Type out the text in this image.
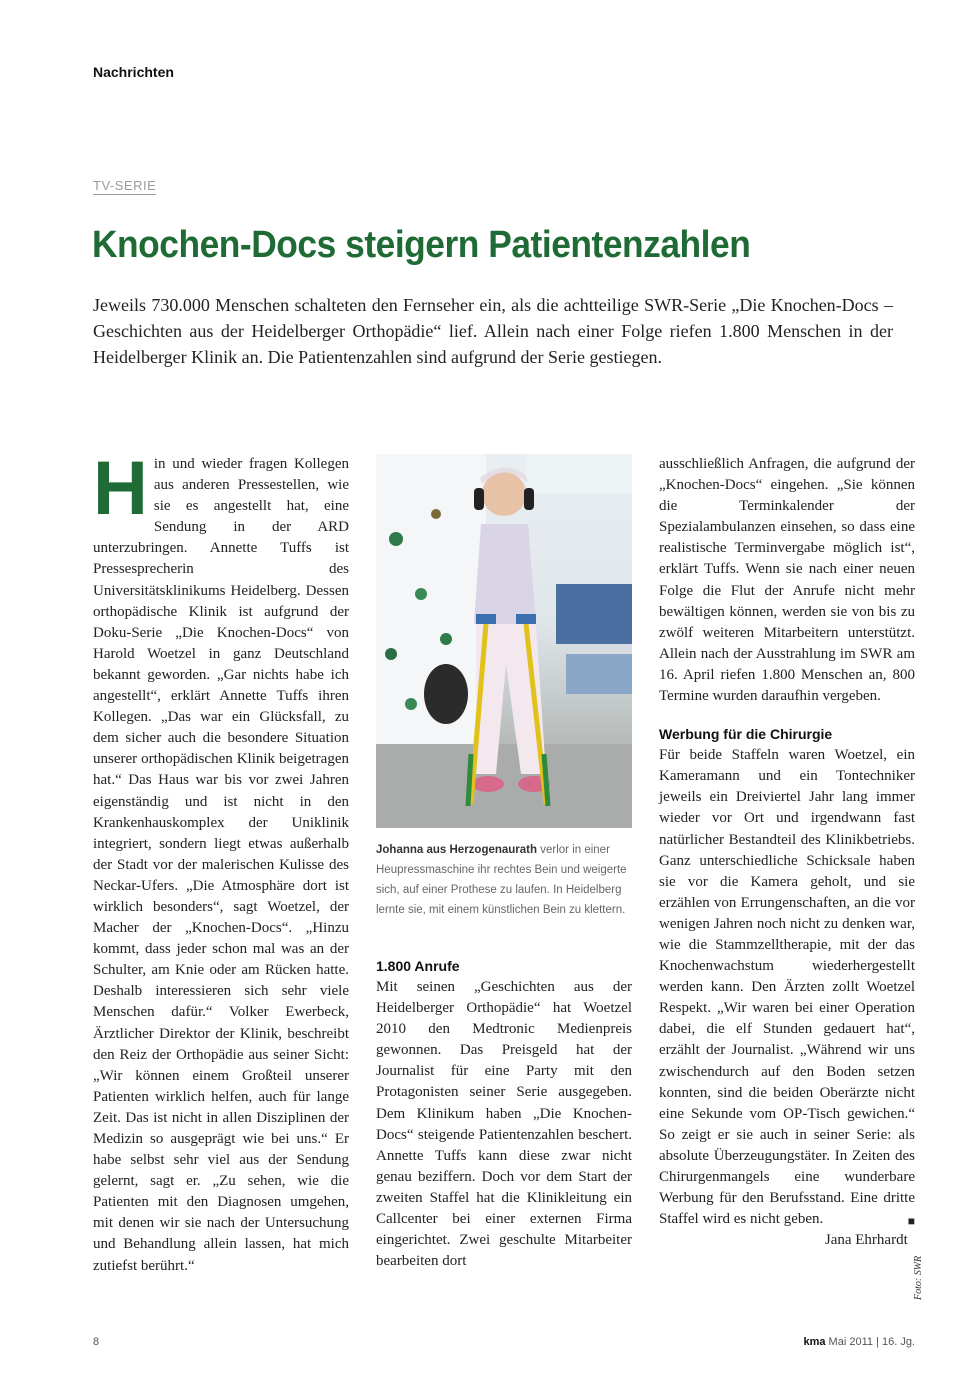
Nachrichten
TV-SERIE
Knochen-Docs steigern Patientenzahlen

Jeweils 730.000 Menschen schalteten den Fernseher ein, als die achtteilige SWR-Serie „Die Knochen-Docs – Geschichten aus der Heidelberger Orthopädie“ lief. Allein nach einer Folge riefen 1.800 Menschen in der Heidelberger Klinik an. Die Patientenzahlen sind aufgrund der Serie gestiegen.

H in und wieder fragen Kollegen aus anderen Pressestellen, wie sie es angestellt hat, eine Sendung in der ARD unterzubringen. Annette Tuffs ist Pressesprecherin des Universitätsklinikums Heidelberg. Dessen orthopädische Klinik ist aufgrund der Doku-Serie „Die Knochen-Docs“ von Harold Woetzel in ganz Deutschland bekannt geworden. „Gar nichts habe ich angestellt“, erklärt Annette Tuffs ihren Kollegen. „Das war ein Glücksfall, zu dem sicher auch die besondere Situation unserer orthopädischen Klinik beigetragen hat.“ Das Haus war bis vor zwei Jahren eigenständig und ist nicht in den Krankenhauskomplex der Uniklinik integriert, sondern liegt etwas außerhalb der Stadt vor der malerischen Kulisse des Neckar-Ufers. „Die Atmosphäre dort ist wirklich besonders“, sagt Woetzel, der Macher der „Knochen-Docs“. „Hinzu kommt, dass jeder schon mal was an der Schulter, am Knie oder am Rücken hatte. Deshalb interessieren sich sehr viele Menschen dafür.“ Volker Ewerbeck, Ärztlicher Direktor der Klinik, beschreibt den Reiz der Orthopädie aus seiner Sicht: „Wir können einem Großteil unserer Patienten wirklich helfen, auch für lange Zeit. Das ist nicht in allen Disziplinen der Medizin so ausgeprägt wie bei uns.“ Er habe selbst sehr viel aus der Sendung gelernt, sagt er. „Zu sehen, wie die Patienten mit den Diagnosen umgehen, mit denen wir sie nach der Untersuchung und Behandlung allein lassen, hat mich zutiefst berührt.“

Johanna aus Herzogenaurath verlor in einer Heupressmaschine ihr rechtes Bein und weigerte sich, auf einer Prothese zu laufen. In Heidelberg lernte sie, mit einem künstlichen Bein zu klettern.

1.800 Anrufe

Mit seinen „Geschichten aus der Heidelberger Orthopädie“ hat Woetzel 2010 den Medtronic Medienpreis gewonnen. Das Preisgeld hat der Journalist für eine Party mit den Protagonisten seiner Serie ausgegeben. Dem Klinikum haben „Die Knochen-Docs“ steigende Patientenzahlen beschert. Annette Tuffs kann diese zwar nicht genau beziffern. Doch vor dem Start der zweiten Staffel hat die Klinikleitung ein Callcenter bei einer externen Firma eingerichtet. Zwei geschulte Mitarbeiter bearbeiten dort

ausschließlich Anfragen, die aufgrund der „Knochen-Docs“ eingehen. „Sie können die Terminkalender der Spezialambulanzen einsehen, so dass eine realistische Terminvergabe möglich ist“, erklärt Tuffs. Wenn sie nach einer neuen Folge die Flut der Anrufe nicht mehr bewältigen können, werden sie von bis zu zwölf weiteren Mitarbeitern unterstützt. Allein nach der Ausstrahlung im SWR am 16. April riefen 1.800 Menschen an, 800 Termine wurden daraufhin vergeben.

Werbung für die Chirurgie

Für beide Staffeln waren Woetzel, ein Kameramann und ein Tontechniker jeweils ein Dreiviertel Jahr lang immer wieder vor Ort und irgendwann fast natürlicher Bestandteil des Klinikbetriebs. Ganz unterschiedliche Schicksale haben sie vor die Kamera geholt, und sie erzählen von Errungenschaften, an die vor wenigen Jahren noch nicht zu denken war, wie die Stammzelltherapie, mit der das Knochenwachstum wiederhergestellt werden kann. Den Ärzten zollt Woetzel Respekt. „Wir waren bei einer Operation dabei, die elf Stunden gedauert hat“, erzählt der Journalist. „Während wir uns zwischendurch auf den Boden setzen konnten, sind die beiden Oberärzte nicht eine Sekunde vom OP-Tisch gewichen.“ So zeigt er sie auch in seiner Serie: als absolute Überzeugungstäter. In Zeiten des Chirurgenmangels eine wunderbare Werbung für den Berufsstand. Eine dritte Staffel wird es nicht geben.	■

Jana Ehrhardt

Foto: SWR
8	kma Mai 2011 | 16. Jg.
